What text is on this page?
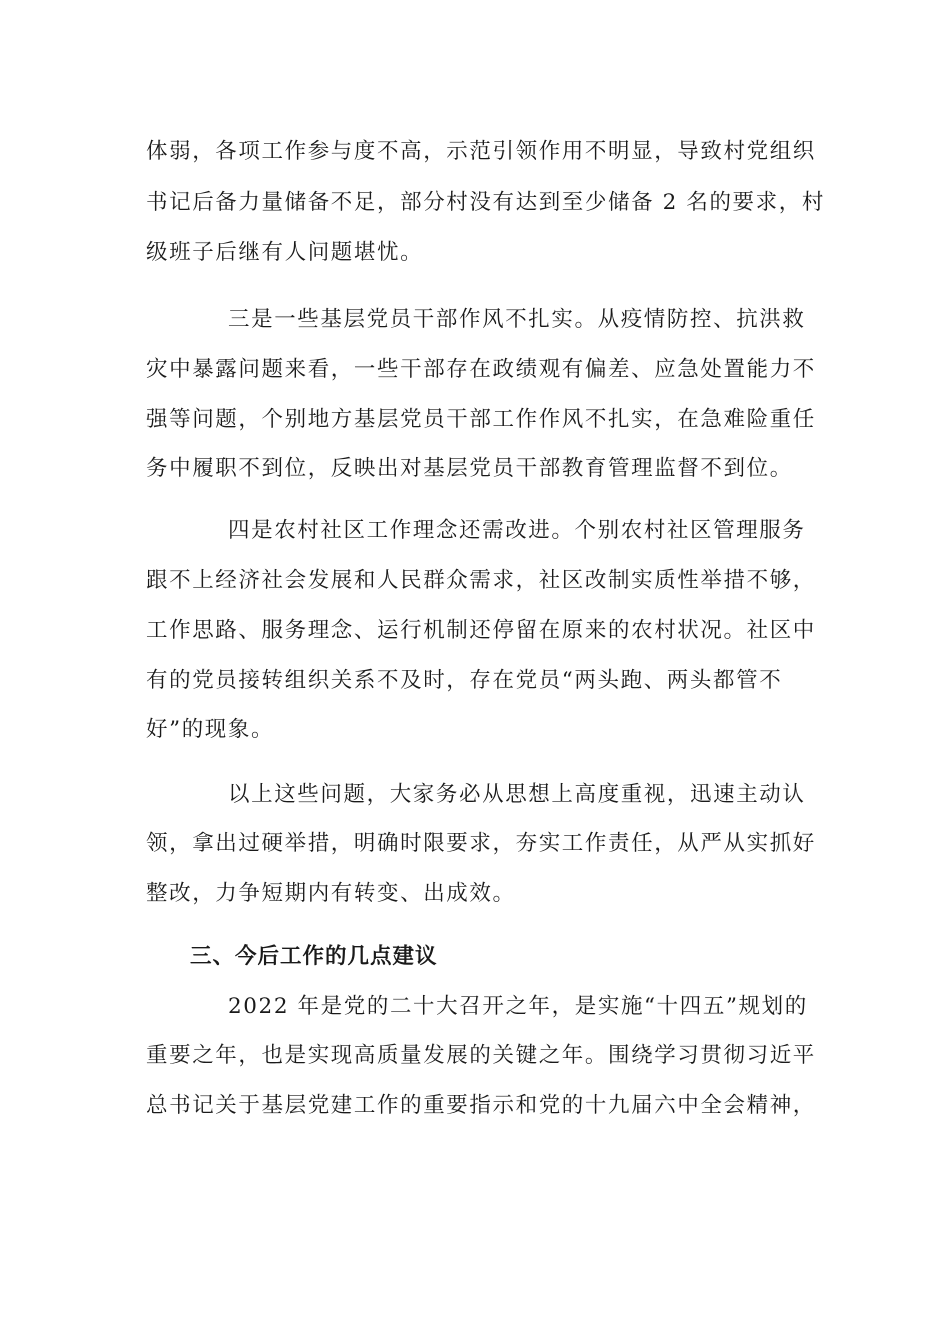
体弱，各项工作参与度不高，示范引领作用不明显，导致村党组织
书记后备力量储备不足，部分村没有达到至少储备 2 名的要求，村
级班子后继有人问题堪忧。
三是一些基层党员干部作风不扎实。从疫情防控、抗洪救
灾中暴露问题来看，一些干部存在政绩观有偏差、应急处置能力不
强等问题，个别地方基层党员干部工作作风不扎实，在急难险重任
务中履职不到位，反映出对基层党员干部教育管理监督不到位。
四是农村社区工作理念还需改进。个别农村社区管理服务
跟不上经济社会发展和人民群众需求，社区改制实质性举措不够，
工作思路、服务理念、运行机制还停留在原来的农村状况。社区中
有的党员接转组织关系不及时，存在党员“两头跑、两头都管不
好”的现象。
以上这些问题，大家务必从思想上高度重视，迅速主动认
领，拿出过硬举措，明确时限要求，夯实工作责任，从严从实抓好
整改，力争短期内有转变、出成效。
三、今后工作的几点建议
2022 年是党的二十大召开之年，是实施“十四五”规划的
重要之年，也是实现高质量发展的关键之年。围绕学习贯彻习近平
总书记关于基层党建工作的重要指示和党的十九届六中全会精神，
